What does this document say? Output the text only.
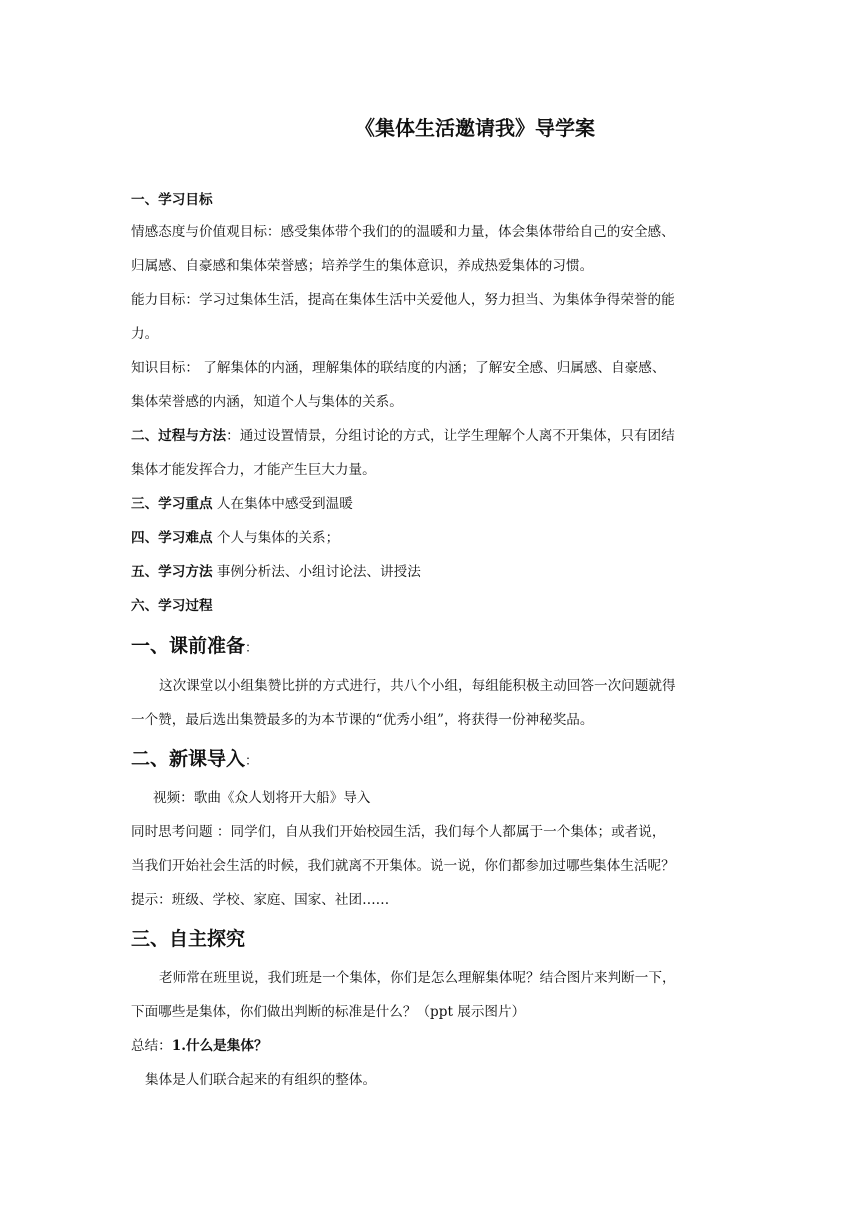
《集体生活邀请我》导学案
一、学习目标
情感态度与价值观目标：感受集体带个我们的的温暖和力量，体会集体带给自己的安全感、
归属感、自豪感和集体荣誉感；培养学生的集体意识，养成热爱集体的习惯。
能力目标：学习过集体生活，提高在集体生活中关爱他人，努力担当、为集体争得荣誉的能
力。
知识目标： 了解集体的内涵，理解集体的联结度的内涵；了解安全感、归属感、自豪感、
集体荣誉感的内涵，知道个人与集体的关系。
二、过程与方法：通过设置情景，分组讨论的方式，让学生理解个人离不开集体，只有团结
集体才能发挥合力，才能产生巨大力量。
三、学习重点 人在集体中感受到温暖
四、学习难点 个人与集体的关系；
五、学习方法 事例分析法、小组讨论法、讲授法
六、学习过程
一、课前准备：
这次课堂以小组集赞比拼的方式进行，共八个小组，每组能积极主动回答一次问题就得
一个赞，最后选出集赞最多的为本节课的“优秀小组”，将获得一份神秘奖品。
二、新课导入：
视频：歌曲《众人划将开大船》导入
同时思考问题 ：同学们，自从我们开始校园生活，我们每个人都属于一个集体；或者说，
当我们开始社会生活的时候，我们就离不开集体。说一说，你们都参加过哪些集体生活呢？
提示：班级、学校、家庭、国家、社团……
三、自主探究
老师常在班里说，我们班是一个集体，你们是怎么理解集体呢？结合图片来判断一下，
下面哪些是集体，你们做出判断的标准是什么？（ppt 展示图片）
总结：1.什么是集体？
集体是人们联合起来的有组织的整体。
